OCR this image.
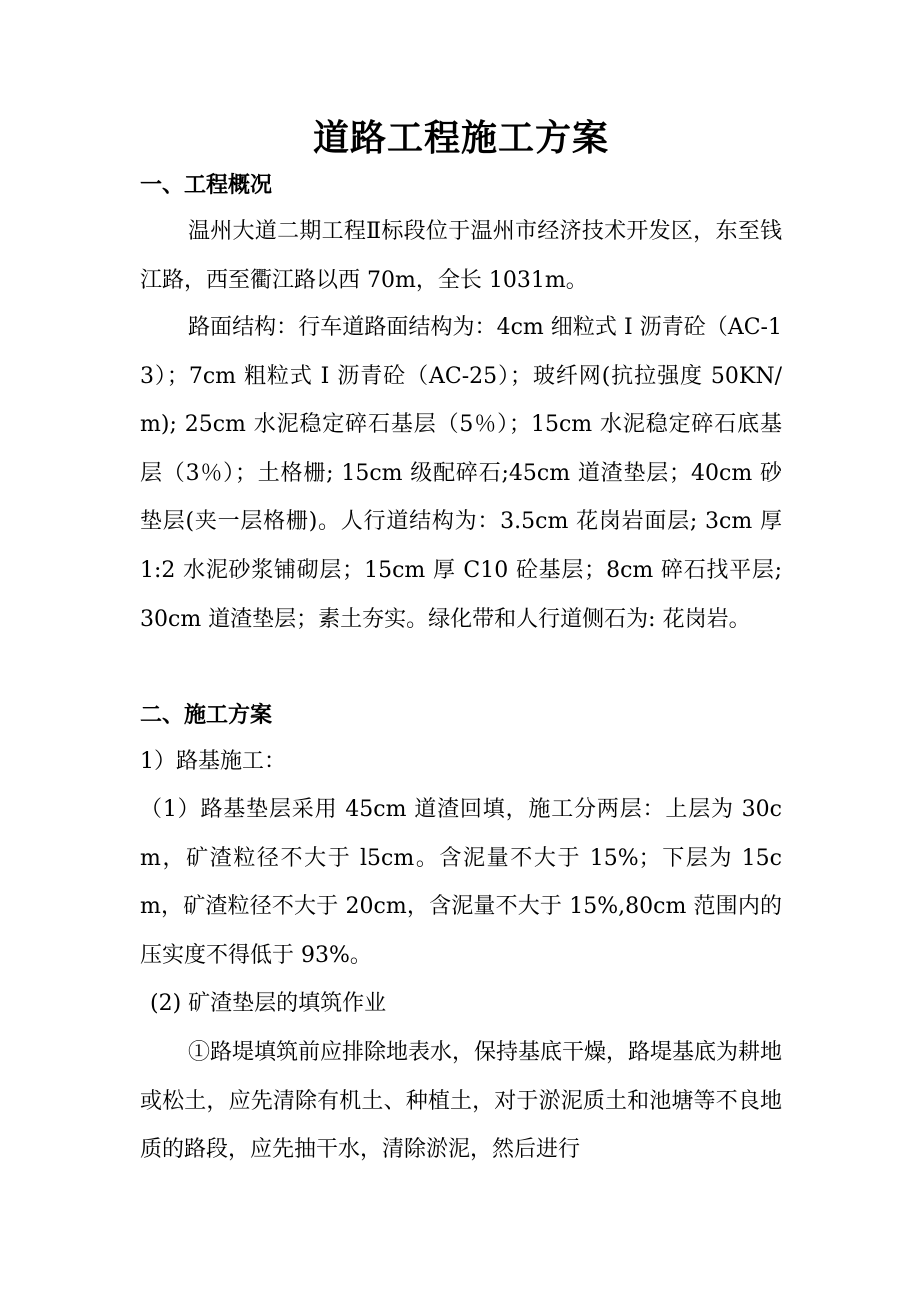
道路工程施工方案
一、工程概况
温州大道二期工程Ⅱ标段位于温州市经济技术开发区，东至钱江路，西至衢江路以西 70m，全长 1031m。
路面结构：行车道路面结构为：4cm 细粒式 I 沥青砼（AC-13）；7cm 粗粒式 I 沥青砼（AC-25）；玻纤网(抗拉强度 50KN/m); 25cm 水泥稳定碎石基层（5％）；15cm 水泥稳定碎石底基层（3％）；土格栅; 15cm 级配碎石;45cm 道渣垫层；40cm 砂垫层(夹一层格栅)。人行道结构为：3.5cm 花岗岩面层; 3cm 厚 1:2 水泥砂浆铺砌层；15cm 厚 C10 砼基层；8cm 碎石找平层; 30cm 道渣垫层；素土夯实。绿化带和人行道侧石为: 花岗岩。
二、施工方案
1）路基施工：
（1）路基垫层采用 45cm 道渣回填，施工分两层：上层为 30cm，矿渣粒径不大于 l5cm。含泥量不大于 15%；下层为 15cm，矿渣粒径不大于 20cm，含泥量不大于 15%,80cm 范围内的压实度不得低于 93%。
(2) 矿渣垫层的填筑作业
①路堤填筑前应排除地表水，保持基底干燥，路堤基底为耕地或松土，应先清除有机土、种植土，对于淤泥质土和池塘等不良地质的路段，应先抽干水，清除淤泥，然后进行
